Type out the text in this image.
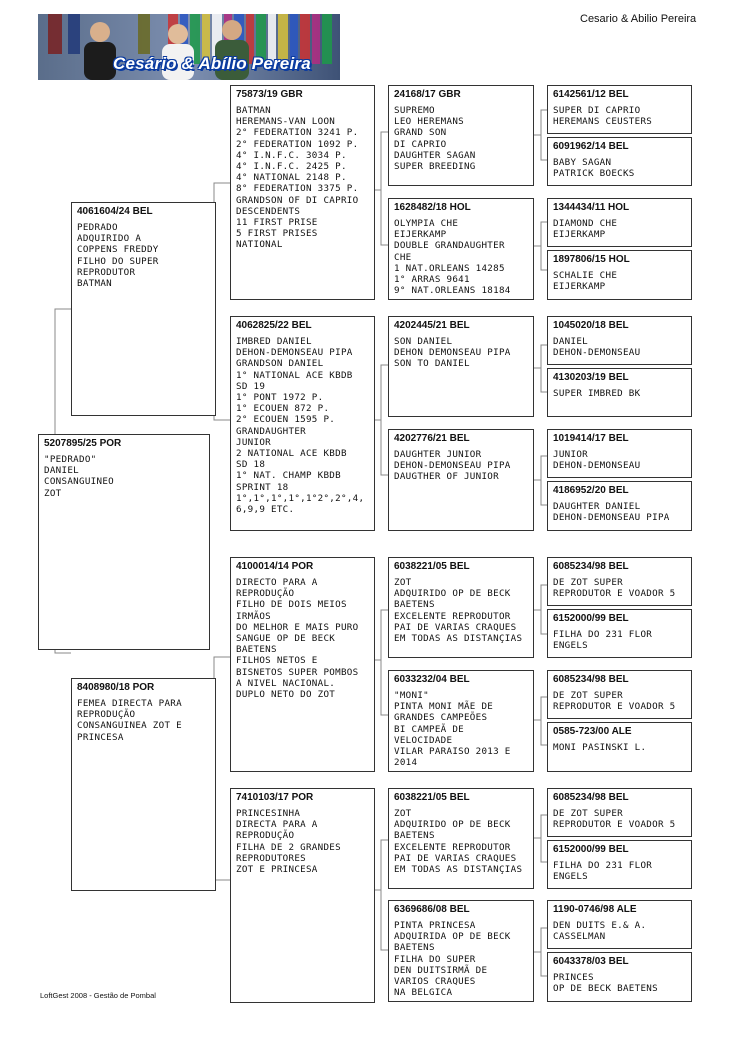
Cesário & Abílio Pereira
Cesario & Abilio Pereira
5207895/25 POR
"PEDRADO"
DANIEL
CONSANGUINEO
ZOT
4061604/24 BEL
PEDRADO
ADQUIRIDO A
COPPENS FREDDY
FILHO DO SUPER
REPRODUTOR
BATMAN
8408980/18 POR
FEMEA DIRECTA PARA
REPRODUÇÃO
CONSANGUINEA ZOT E
PRINCESA
75873/19 GBR
BATMAN
HEREMANS-VAN LOON
2° FEDERATION 3241 P.
2° FEDERATION 1092 P.
4° I.N.F.C. 3034 P.
4° I.N.F.C. 2425 P.
4° NATIONAL 2148 P.
8° FEDERATION 3375 P.
GRANDSON OF DI CAPRIO
DESCENDENTS
11 FIRST PRISE
5 FIRST PRISES
NATIONAL
4062825/22 BEL
IMBRED DANIEL
DEHON-DEMONSEAU PIPA
GRANDSON DANIEL
1° NATIONAL ACE KBDB
SD 19
1° PONT 1972 P.
1° ECOUEN 872 P.
2° ECOUEN 1595 P.
GRANDAUGHTER
JUNIOR
2 NATIONAL ACE KBDB
SD 18
1° NAT. CHAMP KBDB
SPRINT 18
1°,1°,1°,1°,1°2°,2°,4,
6,9,9 ETC.
4100014/14 POR
DIRECTO PARA A
REPRODUÇÃO
FILHO DE DOIS MEIOS
IRMÃOS
DO MELHOR E MAIS PURO
SANGUE OP DE BECK
BAETENS
FILHOS NETOS E
BISNETOS SUPER POMBOS
A NIVEL NACIONAL.
DUPLO NETO DO ZOT
7410103/17 POR
PRINCESINHA
DIRECTA PARA A
REPRODUÇÃO
FILHA DE 2 GRANDES
REPRODUTORES
ZOT E PRINCESA
24168/17 GBR
SUPREMO
LEO HEREMANS
GRAND SON
DI CAPRIO
DAUGHTER SAGAN
SUPER BREEDING
1628482/18 HOL
OLYMPIA CHE
EIJERKAMP
DOUBLE GRANDAUGHTER
CHE
1 NAT.ORLEANS 14285
1° ARRAS 9641
9° NAT.ORLEANS 18184
4202445/21 BEL
SON DANIEL
DEHON DEMONSEAU PIPA
SON TO DANIEL
4202776/21 BEL
DAUGHTER JUNIOR
DEHON-DEMONSEAU PIPA
DAUGTHER OF JUNIOR
6038221/05 BEL
ZOT
ADQUIRIDO OP DE BECK
BAETENS
EXCELENTE REPRODUTOR
PAI DE VARIAS CRAQUES
EM TODAS AS DISTANÇIAS
6033232/04 BEL
"MONI"
PINTA MONI MÃE DE
GRANDES CAMPEÕES
BI CAMPEÃ DE
VELOCIDADE
VILAR PARAISO 2013 E
2014
6038221/05 BEL
ZOT
ADQUIRIDO OP DE BECK
BAETENS
EXCELENTE REPRODUTOR
PAI DE VARIAS CRAQUES
EM TODAS AS DISTANÇIAS
6369686/08 BEL
PINTA PRINCESA
ADQUIRIDA OP DE BECK
BAETENS
FILHA DO SUPER
DEN DUITSIRMÃ DE
VARIOS CRAQUES
NA BELGICA
6142561/12 BEL
SUPER DI CAPRIO
HEREMANS CEUSTERS
6091962/14 BEL
BABY SAGAN
PATRICK BOECKS
1344434/11 HOL
DIAMOND CHE
EIJERKAMP
1897806/15 HOL
SCHALIE CHE
EIJERKAMP
1045020/18 BEL
DANIEL
DEHON-DEMONSEAU
4130203/19 BEL
SUPER IMBRED BK
1019414/17 BEL
JUNIOR
DEHON-DEMONSEAU
4186952/20 BEL
DAUGHTER DANIEL
DEHON-DEMONSEAU PIPA
6085234/98 BEL
DE ZOT SUPER
REPRODUTOR E VOADOR 5
6152000/99 BEL
FILHA DO 231 FLOR
ENGELS
6085234/98 BEL
DE ZOT SUPER
REPRODUTOR E VOADOR 5
0585-723/00 ALE
MONI PASINSKI L.
6085234/98 BEL
DE ZOT SUPER
REPRODUTOR E VOADOR 5
6152000/99 BEL
FILHA DO 231 FLOR
ENGELS
1190-0746/98 ALE
DEN DUITS E.& A.
CASSELMAN
6043378/03 BEL
PRINCES
OP DE BECK BAETENS
LoftGest 2008 - Gestão de Pombal
